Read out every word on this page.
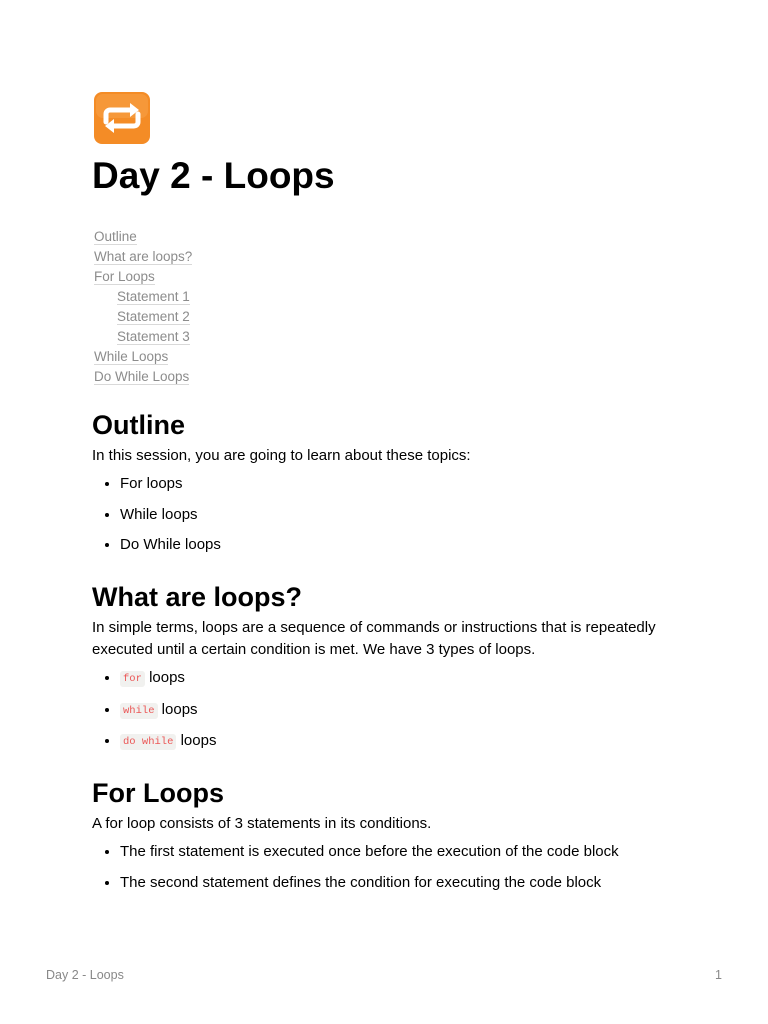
Day 2 - Loops
Outline
What are loops?
For Loops
Statement 1
Statement 2
Statement 3
While Loops
Do While Loops
Outline

In this session, you are going to learn about these topics:

• For loops
• While loops
• Do While loops
What are loops?

In simple terms, loops are a sequence of commands or instructions that is repeatedly executed until a certain condition is met. We have 3 types of loops.

• for loops
• while loops
• do while loops
For Loops

A for loop consists of 3 statements in its conditions.

• The first statement is executed once before the execution of the code block
• The second statement defines the condition for executing the code block
Day 2 - Loops	1
